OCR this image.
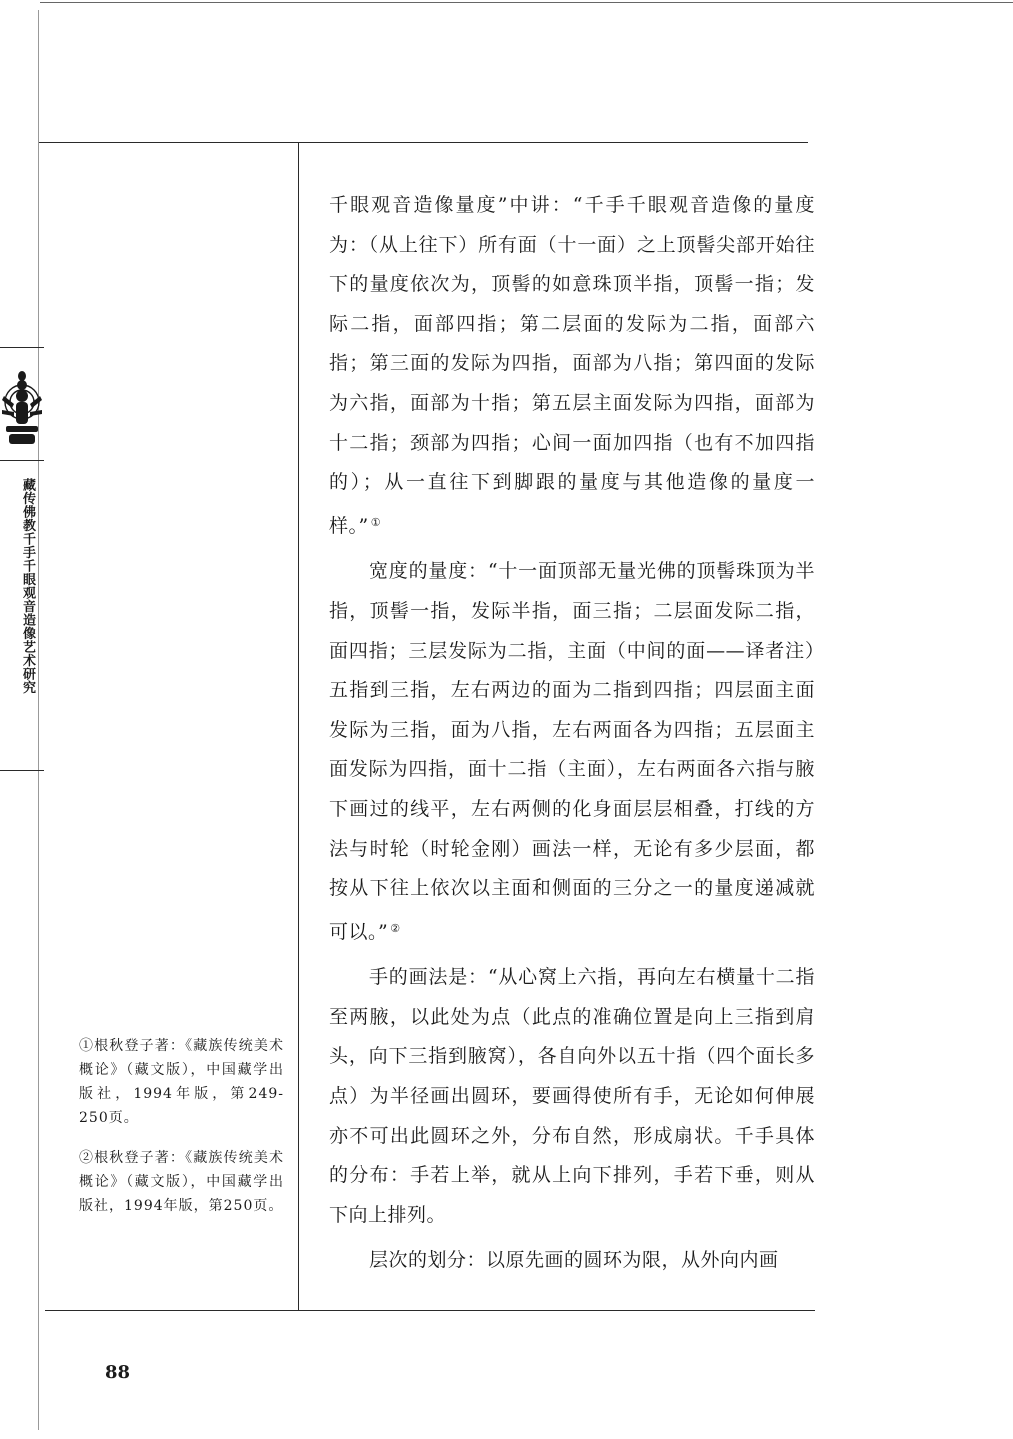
藏传佛教千手千眼观音造像艺术研究

千眼观音造像量度”中讲：“千手千眼观音造像的量度为：（从上往下）所有面（十一面）之上顶髻尖部开始往下的量度依次为，顶髻的如意珠顶半指，顶髻一指；发际二指，面部四指；第二层面的发际为二指，面部六指；第三面的发际为四指，面部为八指；第四面的发际为六指，面部为十指；第五层主面发际为四指，面部为十二指；颈部为四指；心间一面加四指（也有不加四指的）；从一直往下到脚跟的量度与其他造像的量度一样。” ①

宽度的量度：“十一面顶部无量光佛的顶髻珠顶为半指，顶髻一指，发际半指，面三指；二层面发际二指，面四指；三层发际为二指，主面（中间的面——译者注）五指到三指，左右两边的面为二指到四指；四层面主面发际为三指，面为八指，左右两面各为四指；五层面主面发际为四指，面十二指（主面），左右两面各六指与腋下画过的线平，左右两侧的化身面层层相叠，打线的方法与时轮（时轮金刚）画法一样，无论有多少层面，都按从下往上依次以主面和侧面的三分之一的量度递减就可以。” ②

手的画法是：“从心窝上六指，再向左右横量十二指至两腋，以此处为点（此点的准确位置是向上三指到肩头，向下三指到腋窝），各自向外以五十指（四个面长多点）为半径画出圆环，要画得使所有手，无论如何伸展亦不可出此圆环之外，分布自然，形成扇状。千手具体的分布：手若上举，就从上向下排列，手若下垂，则从下向上排列。

层次的划分：以原先画的圆环为限，从外向内画

①根秋登子著：《藏族传统美术概论》（藏文版），中国藏学出版社，1994年版，第249-250页。

②根秋登子著：《藏族传统美术概论》（藏文版），中国藏学出版社，1994年版，第250页。

88
